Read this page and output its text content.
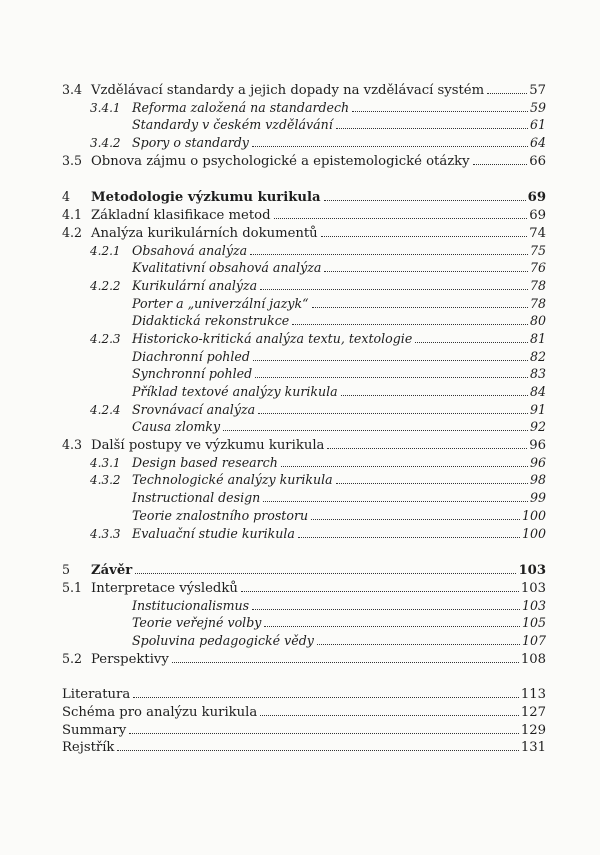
3.4 Vzdělávací standardy a jejich dopady na vzdělávací systém	57
3.4.1 Reforma založená na standardech	59
Standardy v českém vzdělávání	61
3.4.2 Spory o standardy	64
3.5 Obnova zájmu o psychologické a epistemologické otázky	66
4	Metodologie výzkumu kurikula	69
4.1 Základní klasifikace metod	69
4.2 Analýza kurikulárních dokumentů	74
4.2.1 Obsahová analýza	75
Kvalitativní obsahová analýza	76
4.2.2 Kurikulární analýza	78
Porter a „univerzální jazyk“	78
Didaktická rekonstrukce	80
4.2.3 Historicko-kritická analýza textu, textologie	81
Diachronní pohled	82
Synchronní pohled	83
Příklad textové analýzy kurikula	84
4.2.4 Srovnávací analýza	91
Causa zlomky	92
4.3 Další postupy ve výzkumu kurikula	96
4.3.1 Design based research	96
4.3.2 Technologické analýzy kurikula	98
Instructional design	99
Teorie znalostního prostoru	100
4.3.3 Evaluační studie kurikula	100
5	Závěr	103
5.1 Interpretace výsledků	103
Institucionalismus	103
Teorie veřejné volby	105
Spoluvina pedagogické vědy	107
5.2 Perspektivy	108
Literatura	113
Schéma pro analýzu kurikula	127
Summary	129
Rejstřík	131
